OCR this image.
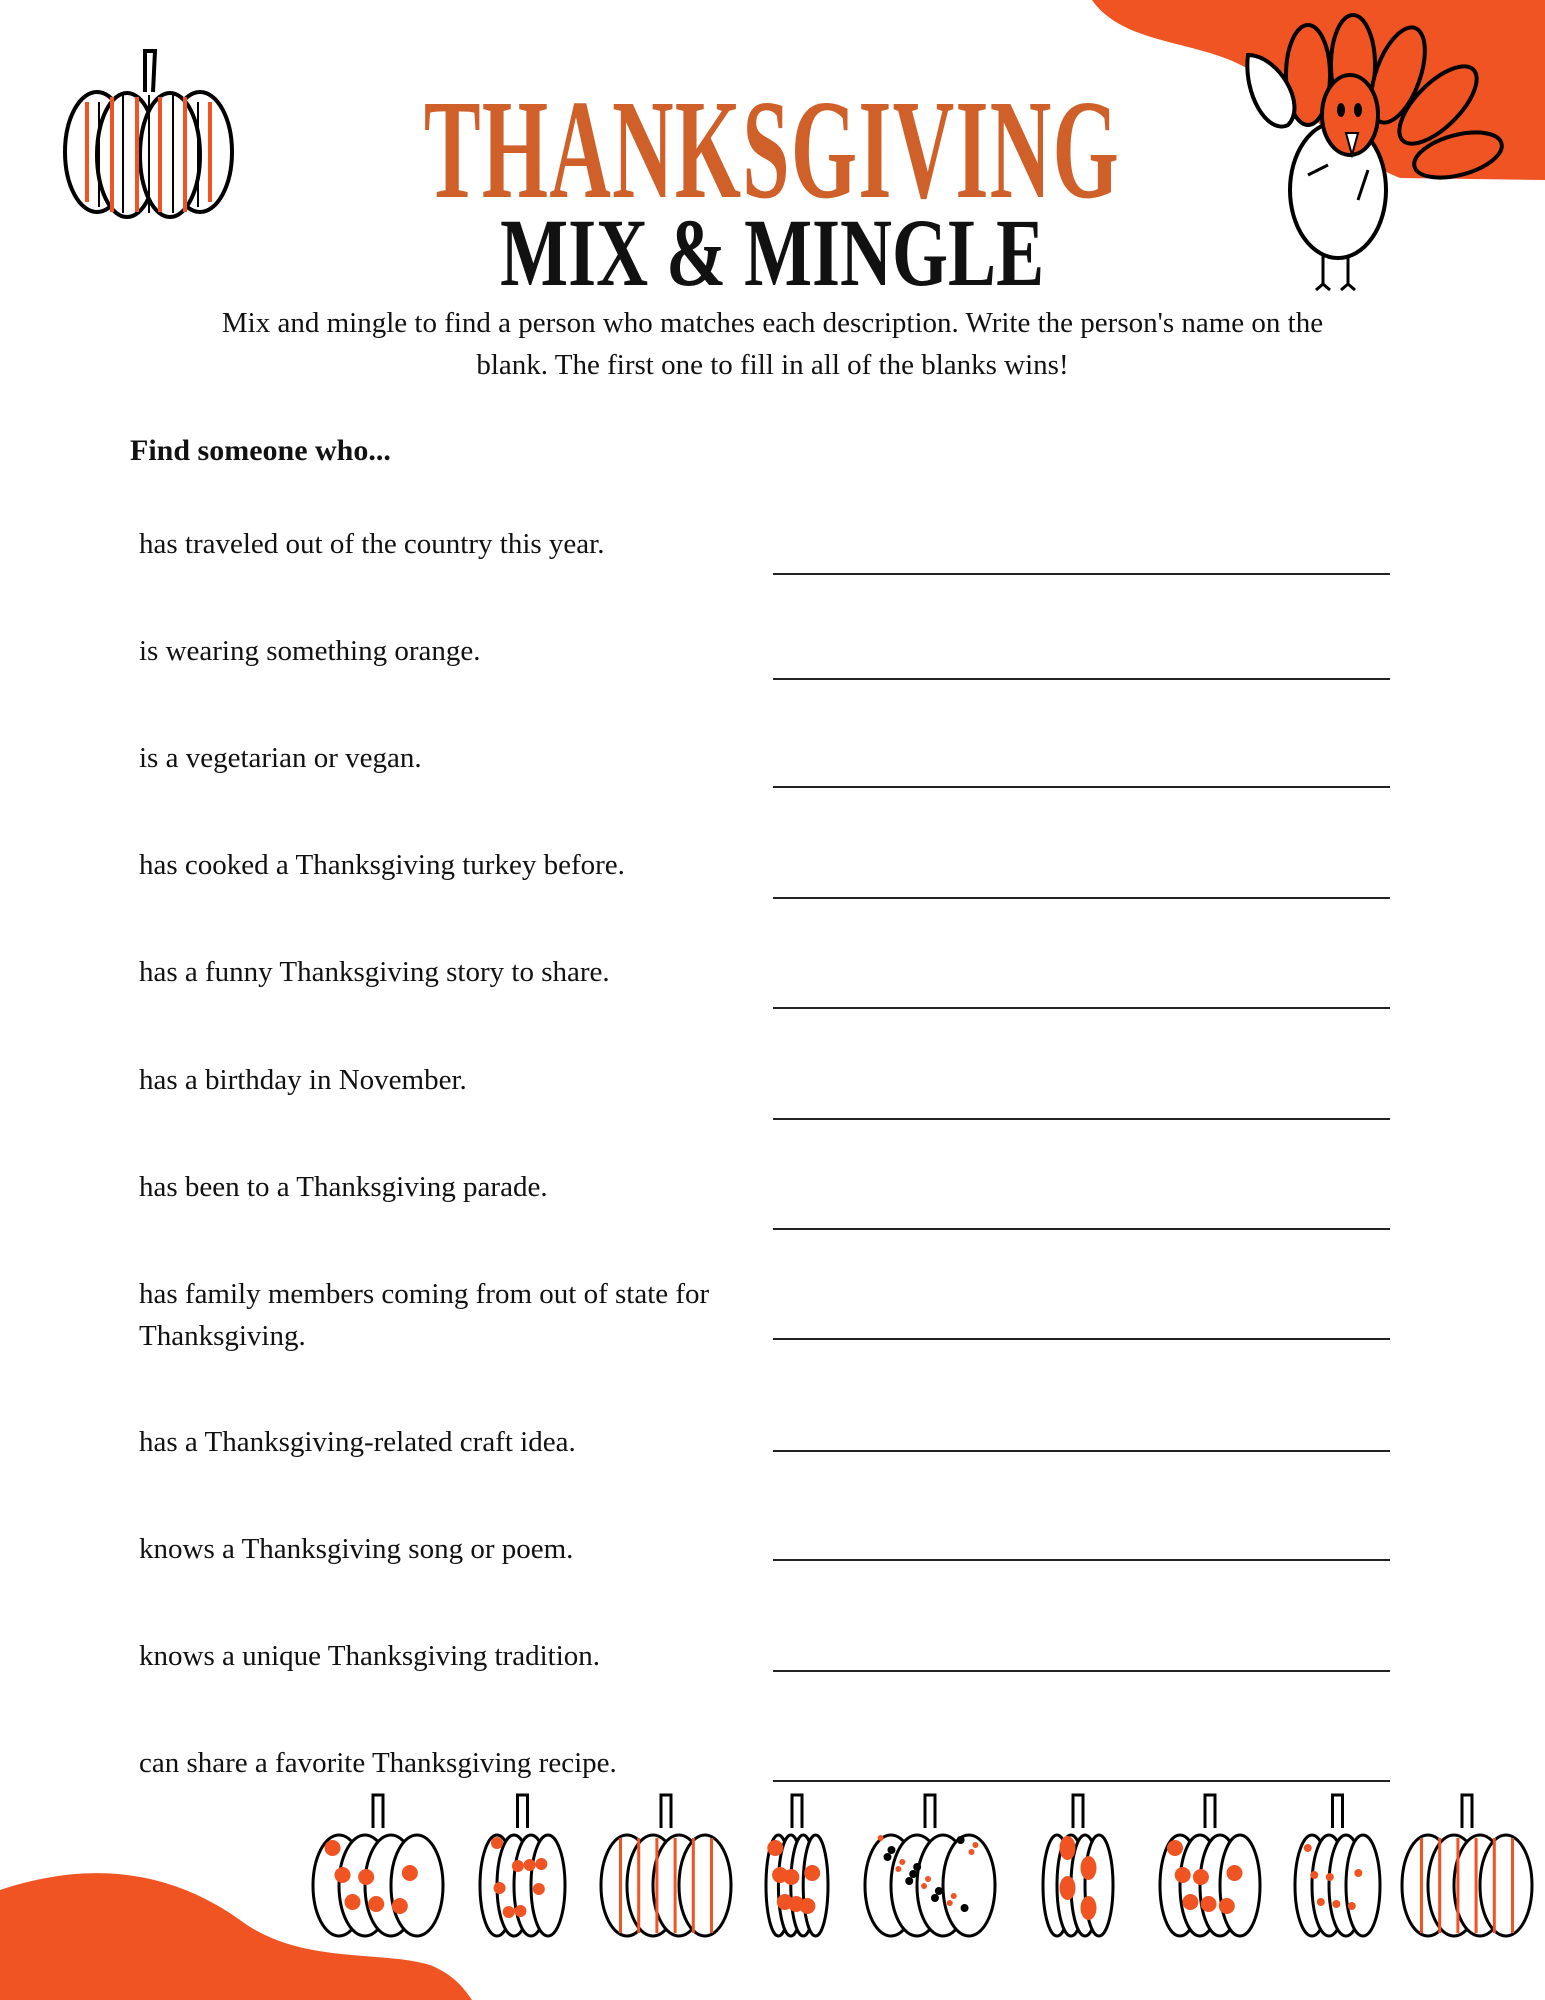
THANKSGIVING
MIX & MINGLE
Mix and mingle to find a person who matches each description. Write the person's name on the blank. The first one to fill in all of the blanks wins!
Find someone who...
has traveled out of the country this year.
is wearing something orange.
is a vegetarian or vegan.
has cooked a Thanksgiving turkey before.
has a funny Thanksgiving story to share.
has a birthday in November.
has been to a Thanksgiving parade.
has family members coming from out of state for Thanksgiving.
has a Thanksgiving-related craft idea.
knows a Thanksgiving song or poem.
knows a unique Thanksgiving tradition.
can share a favorite Thanksgiving recipe.
